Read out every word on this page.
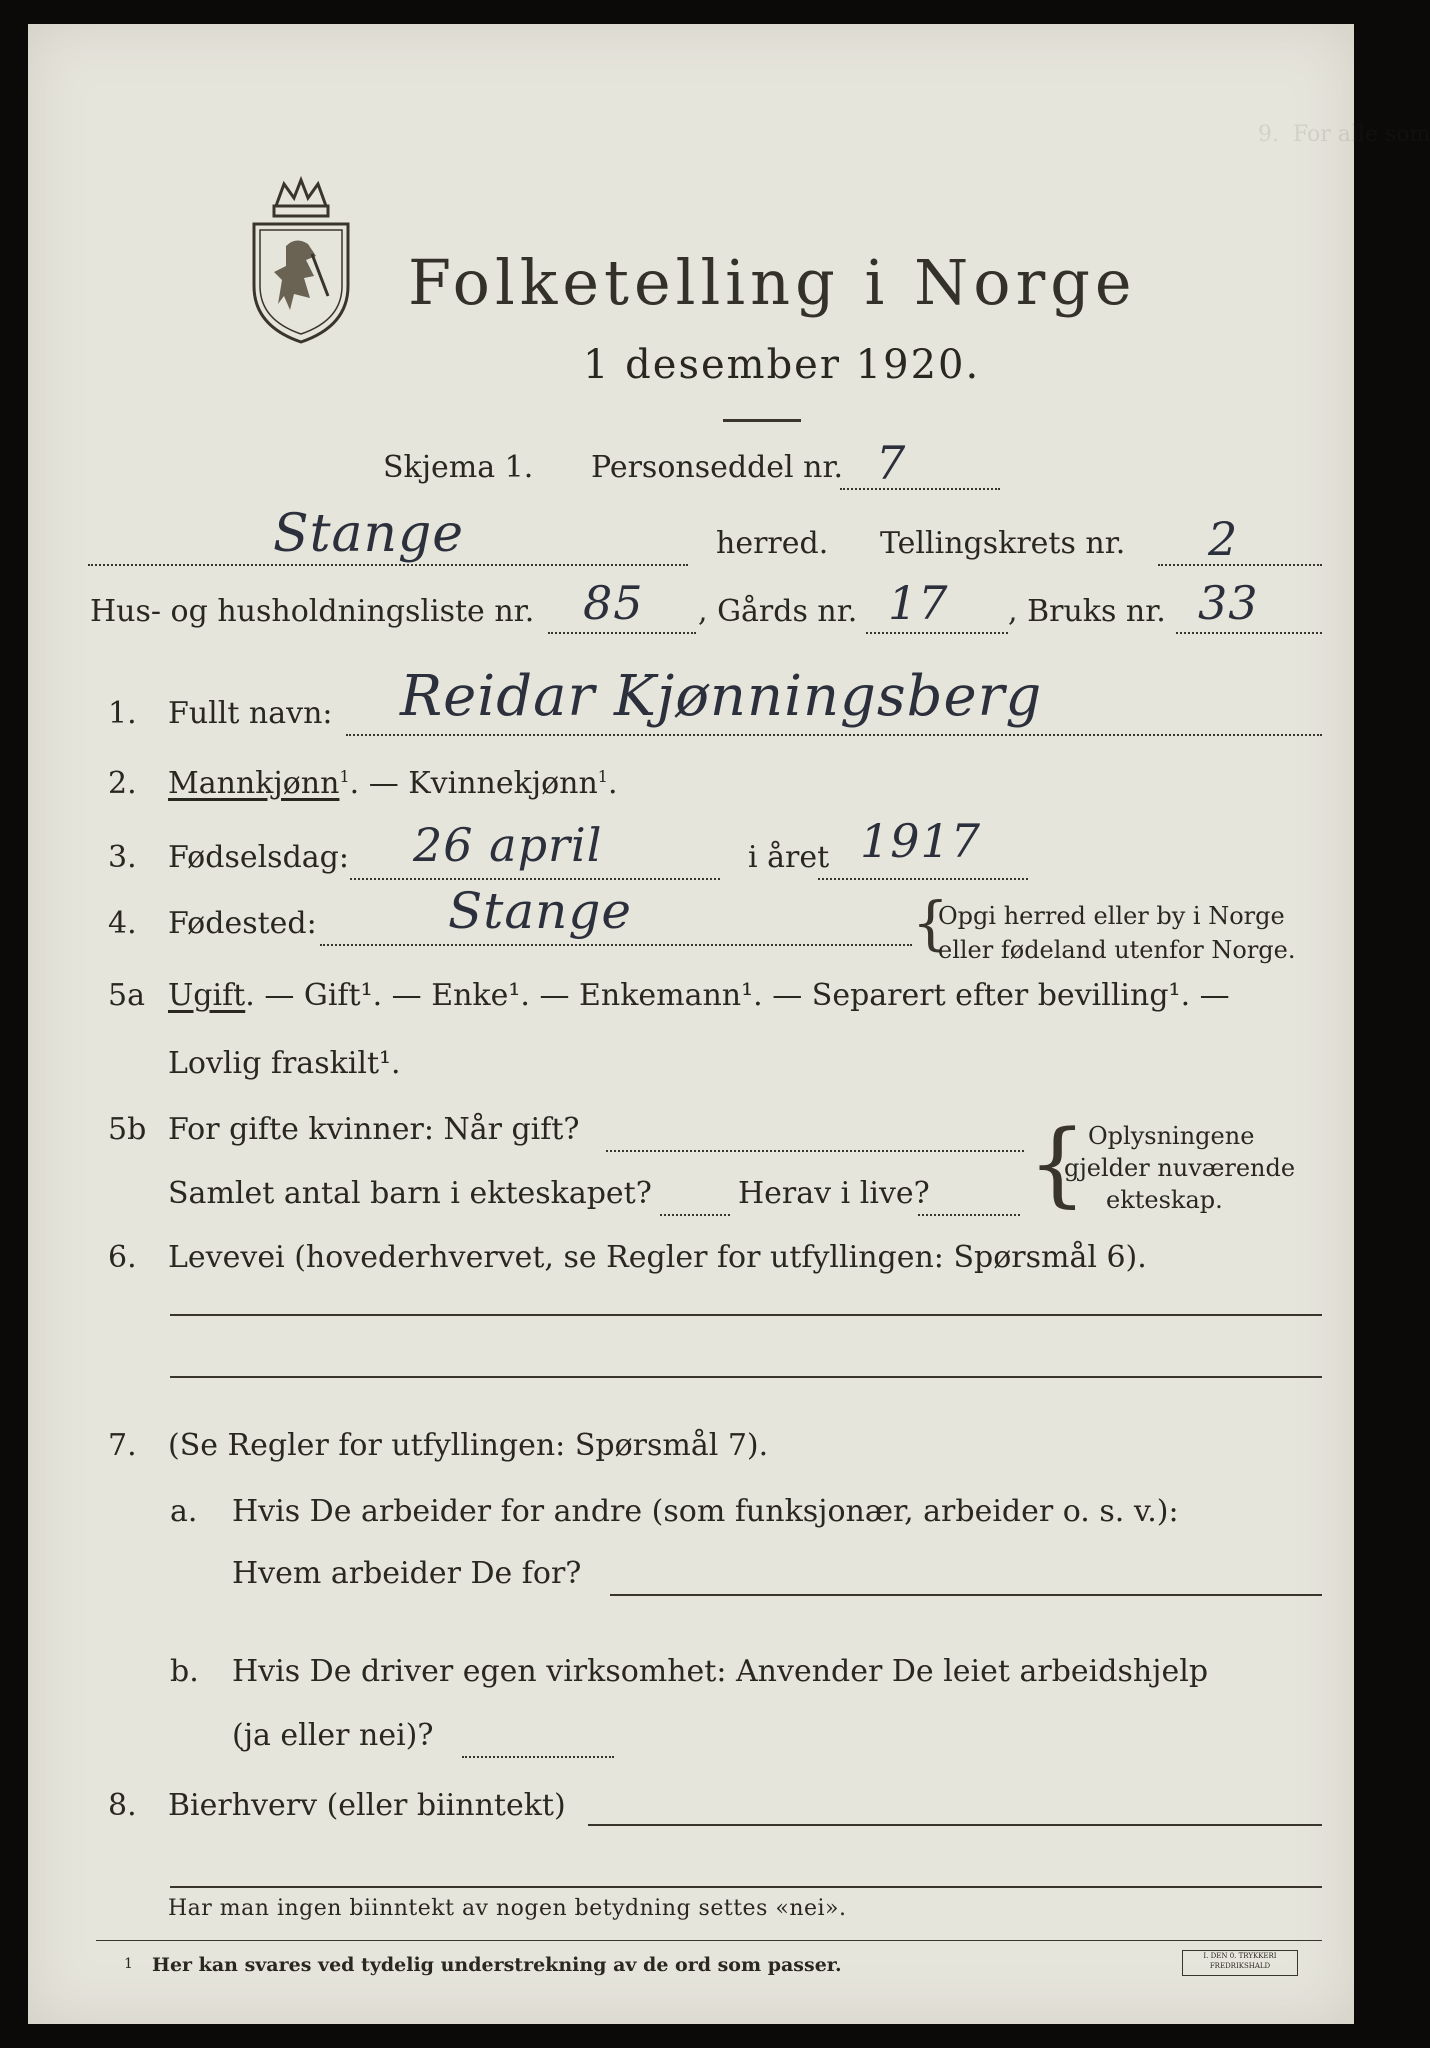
9.  For alle som
Folketelling i Norge
1 desember 1920.
Skjema 1. Personseddel nr. 7
Stange	herred. Tellingskrets nr. 2
Hus- og husholdningsliste nr. 85 , Gårds nr. 17 , Bruks nr. 33
1. Fullt navn: Reidar Kjønningsberg
2. Mannkjønn$^1$. — Kvinnekjønn$^1$.
3. Fødselsdag: 26 april	i året 1917
4. Fødested:	Stange	{
Opgi herred eller by i Norge
eller fødeland utenfor Norge.
5a Ugift. — Gift¹. — Enke¹. — Enkemann¹. — Separert efter bevilling¹. —
Lovlig fraskilt¹.
5b For gifte kvinner: Når gift?
Samlet antal barn i ekteskapet?	Herav i live? { Oplysningene
gjelder nuværende
ekteskap.
6. Levevei (hovederhvervet, se Regler for utfyllingen: Spørsmål 6).
7. (Se Regler for utfyllingen: Spørsmål 7).
a. Hvis De arbeider for andre (som funksjonær, arbeider o. s. v.):
Hvem arbeider De for?
b. Hvis De driver egen virksomhet: Anvender De leiet arbeidshjelp
(ja eller nei)?
8. Bierhverv (eller biinntekt)
Har man ingen biinntekt av nogen betydning settes «nei».
1 Her kan svares ved tydelig understrekning av de ord som passer.	I. DEN 0. TRYKKERI FREDRIKSHALD
